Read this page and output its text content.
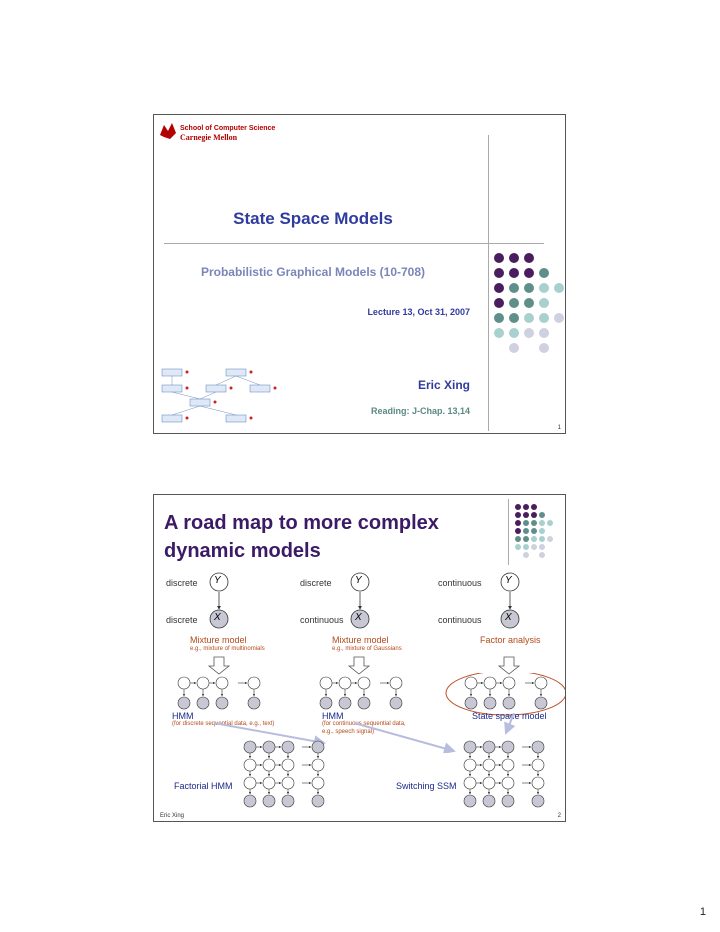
School of Computer Science
Carnegie Mellon
State Space Models
Probabilistic Graphical Models (10-708)
Lecture 13, Oct 31, 2007
Eric Xing
Reading: J-Chap. 13,14
1
A road map to more complex
dynamic models
discrete	discrete	continuous
discrete	continuous	continuous
Y	Y	Y
X	X	X
Mixture model
e.g., mixture of multinomials
Mixture model
e.g., mixture of Gaussians
Factor analysis
HMM
(for discrete sequential data, e.g., text)
HMM
(for continuous sequential data,
e.g., speech signal)
State space model
Factorial HMM	Switching SSM
Eric Xing	2
1
